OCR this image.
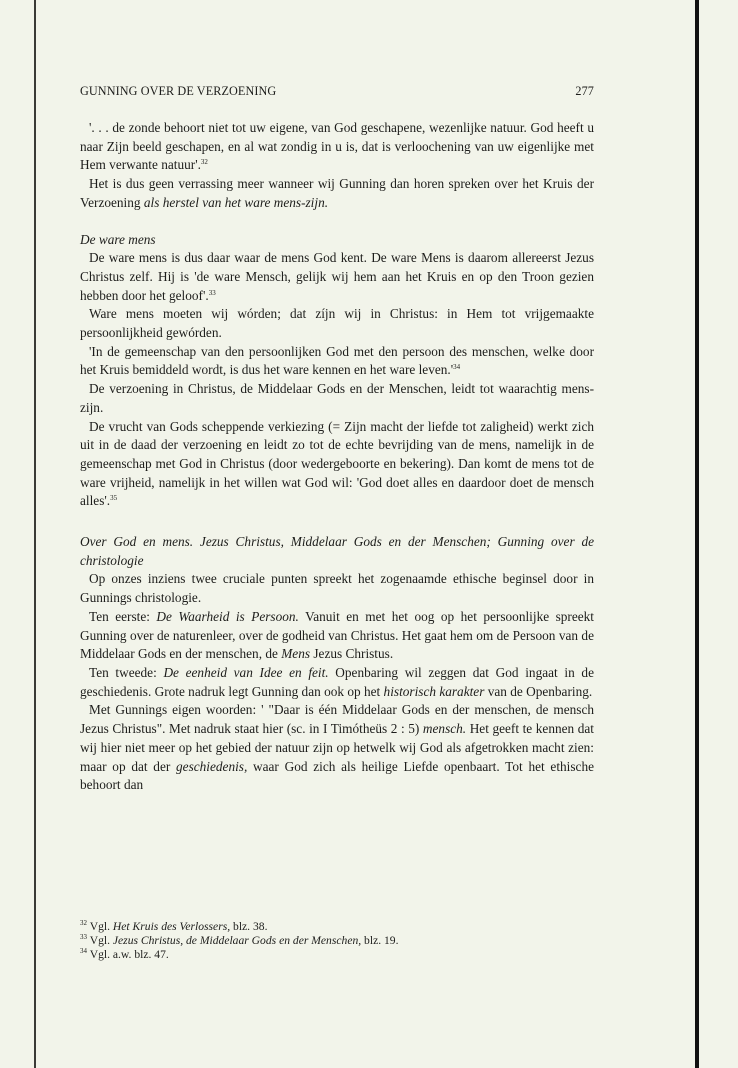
GUNNING OVER DE VERZOENING	277

'. . . de zonde behoort niet tot uw eigene, van God geschapene, wezenlijke natuur. God heeft u naar Zijn beeld geschapen, en al wat zondig in u is, dat is verloochening van uw eigenlijke met Hem verwante natuur'.$^{32}$

Het is dus geen verrassing meer wanneer wij Gunning dan horen spreken over het Kruis der Verzoening als herstel van het ware mens-zijn.

De ware mens

De ware mens is dus daar waar de mens God kent. De ware Mens is daarom allereerst Jezus Christus zelf. Hij is 'de ware Mensch, gelijk wij hem aan het Kruis en op den Troon gezien hebben door het geloof'.$^{33}$

Ware mens moeten wij wórden; dat zíjn wij in Christus: in Hem tot vrijgemaakte persoonlijkheid gewórden.

'In de gemeenschap van den persoonlijken God met den persoon des menschen, welke door het Kruis bemiddeld wordt, is dus het ware kennen en het ware $leven.'^{34}$

De verzoening in Christus, de Middelaar Gods en der Menschen, leidt tot waarachtig mens-zijn.

De vrucht van Gods scheppende verkiezing (= Zijn macht der liefde tot zaligheid) werkt zich uit in de daad der verzoening en leidt zo tot de echte bevrijding van de mens, namelijk in de gemeenschap met God in Christus (door wedergeboorte en bekering). Dan komt de mens tot de ware vrijheid, namelijk in het willen wat God wil: 'God doet alles en daardoor doet de mensch alles'.$^{35}$

Over God en mens. Jezus Christus, Middelaar Gods en der Menschen; Gunning over de christologie

Op onzes inziens twee cruciale punten spreekt het zogenaamde ethische beginsel door in Gunnings christologie.

Ten eerste: De Waarheid is Persoon. Vanuit en met het oog op het persoonlijke spreekt Gunning over de naturenleer, over de godheid van Christus. Het gaat hem om de Persoon van de Middelaar Gods en der menschen, de Mens Jezus Christus.

Ten tweede: De eenheid van Idee en feit. Openbaring wil zeggen dat God ingaat in de geschiedenis. Grote nadruk legt Gunning dan ook op het historisch karakter van de Openbaring.

Met Gunnings eigen woorden: ' "Daar is één Middelaar Gods en der menschen, de mensch Jezus Christus". Met nadruk staat hier (sc. in I Timótheüs 2 : 5) mensch. Het geeft te kennen dat wij hier niet meer op het gebied der natuur zijn op hetwelk wij God als afgetrokken macht zien: maar op dat der geschiedenis, waar God zich als heilige Liefde openbaart. Tot het ethische behoort dan

$^{32}$ Vgl. Het Kruis des Verlossers, blz. 38.

$^{33}$ Vgl. Jezus Christus, de Middelaar Gods en der Menschen, blz. 19.

$^{34}$ Vgl. a.w. blz. 47.
